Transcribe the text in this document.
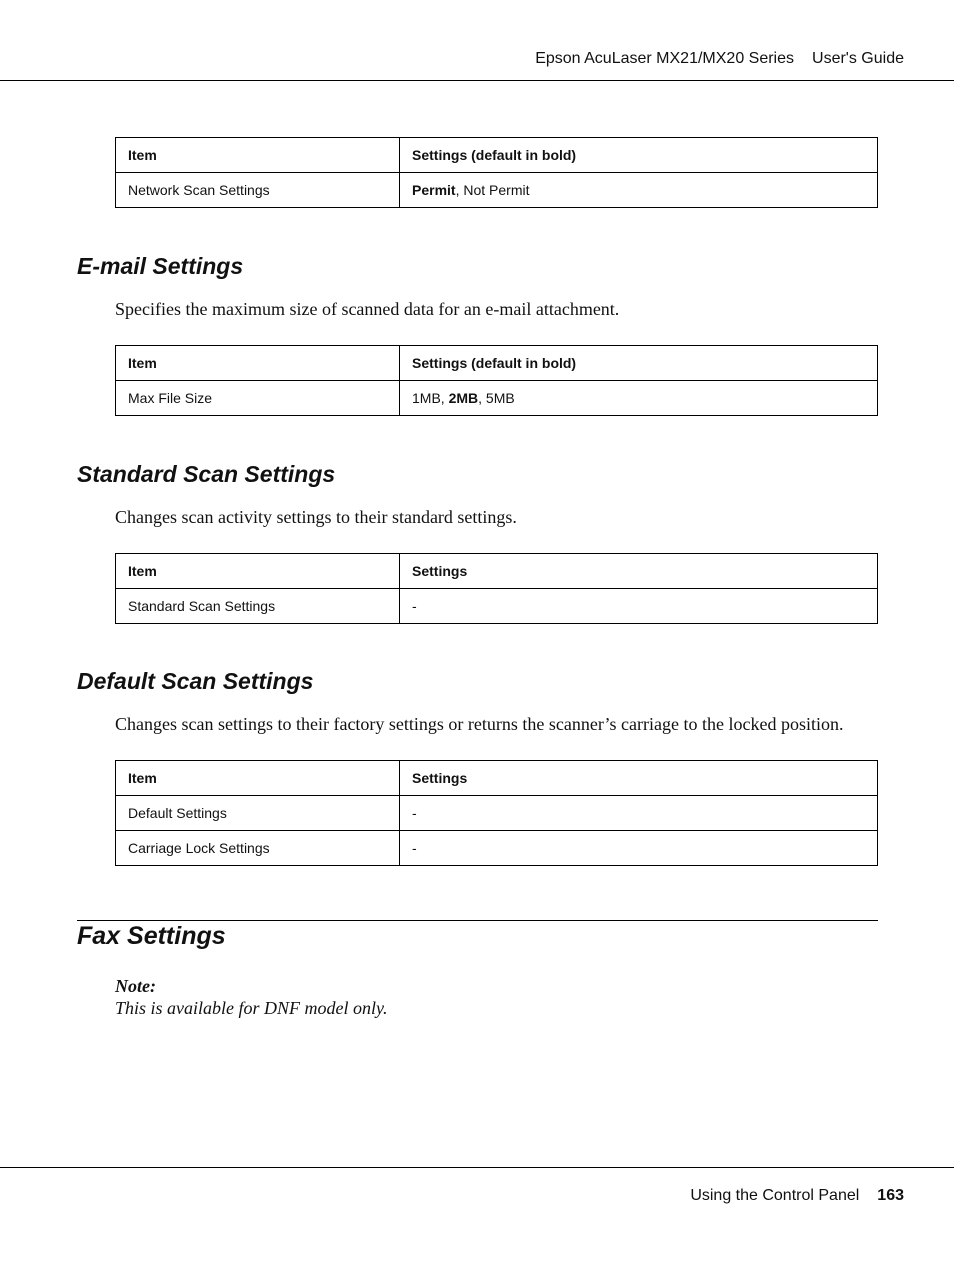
Epson AcuLaser MX21/MX20 Series User's Guide
Item	Settings (default in bold)
Network Scan Settings	Permit, Not Permit
E-mail Settings

Specifies the maximum size of scanned data for an e-mail attachment.

Item	Settings (default in bold)
Max File Size	1MB, 2MB, 5MB
Standard Scan Settings

Changes scan activity settings to their standard settings.

Item	Settings
Standard Scan Settings	-
Default Scan Settings

Changes scan settings to their factory settings or returns the scanner’s carriage to the locked position.

Item	Settings
Default Settings	-
Carriage Lock Settings	-
Fax Settings
Note:
This is available for DNF model only.
Using the Control Panel 163
